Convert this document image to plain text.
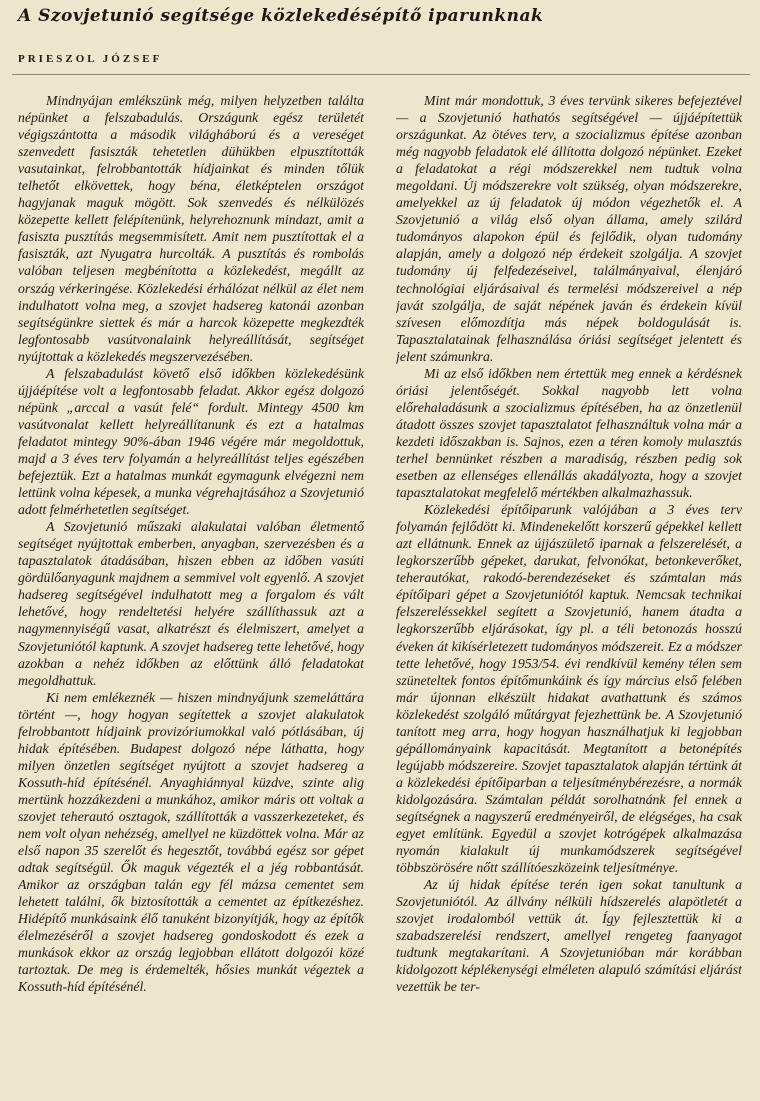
A Szovjetunió segítsége közlekedésépítő iparunknak
PRIESZOL JÓZSEF

Mindnyájan emlékszünk még, milyen helyzetben találta népünket a felszabadulás. Országunk egész területét végigszántotta a második világháború és a vereséget szenvedett fasiszták tehetetlen dühükben elpusztították vasutainkat, felrobbantották hídjainkat és minden tőlük telhetőt elkövettek, hogy béna, életképtelen országot hagyjanak maguk mögött. Sok szenvedés és nélkülözés közepette kellett felépítenünk, helyrehoznunk mindazt, amit a fasiszta pusztítás megsemmisített. Amit nem pusztítottak el a fasiszták, azt Nyugatra hurcolták. A pusztítás és rombolás valóban teljesen megbénította a közlekedést, megállt az ország vérkeringése. Közlekedési érhálózat nélkül az élet nem indulhatott volna meg, a szovjet hadsereg katonái azonban segítségünkre siettek és már a harcok közepette megkezdték legfontosabb vasútvonalaink helyreállítását, segítséget nyújtottak a közlekedés megszervezésében.

A felszabadulást követő első időkben közlekedésünk újjáépítése volt a legfontosabb feladat. Akkor egész dolgozó népünk „arccal a vasút felé“ fordult. Mintegy 4500 km vasútvonalat kellett helyreállítanunk és ezt a hatalmas feladatot mintegy 90%-ában 1946 végére már megoldottuk, majd a 3 éves terv folyamán a helyreállítást teljes egészében befejeztük. Ezt a hatalmas munkát egymagunk elvégezni nem lettünk volna képesek, a munka végrehajtásához a Szovjetunió adott felmérhetetlen segítséget.

A Szovjetunió műszaki alakulatai valóban életmentő segítséget nyújtottak emberben, anyagban, szervezésben és a tapasztalatok átadásában, hiszen ebben az időben vasúti gördülőanyagunk majdnem a semmivel volt egyenlő. A szovjet hadsereg segítségével indulhatott meg a forgalom és vált lehetővé, hogy rendeltetési helyére szállíthassuk azt a nagymennyiségű vasat, alkatrészt és élelmiszert, amelyet a Szovjetuniótól kaptunk. A szovjet hadsereg tette lehetővé, hogy azokban a nehéz időkben az előttünk álló feladatokat megoldhattuk.

Ki nem emlékeznék — hiszen mindnyájunk szemeláttára történt —, hogy hogyan segítettek a szovjet alakulatok felrobbantott hídjaink provizóriumokkal való pótlásában, új hidak építésében. Budapest dolgozó népe láthatta, hogy milyen önzetlen segítséget nyújtott a szovjet hadsereg a Kossuth-híd építésénél. Anyaghiánnyal küzdve, szinte alig mertünk hozzákezdeni a munkához, amikor máris ott voltak a szovjet teherautó osztagok, szállították a vasszerkezeteket, és nem volt olyan nehézség, amellyel ne küzdöttek volna. Már az első napon 35 szerelőt és hegesztőt, továbbá egész sor gépet adtak segítségül. Ők maguk végezték el a jég robbantását. Amikor az országban talán egy fél mázsa cementet sem lehetett találni, ők biztosították a cementet az építkezéshez. Hidépítő munkásaink élő tanuként bizonyítják, hogy az építők élelmezéséről a szovjet hadsereg gondoskodott és ezek a munkások ekkor az ország legjobban ellátott dolgozói közé tartoztak. De meg is érdemelték, hősies munkát végeztek a Kossuth-híd építésénél.

Mint már mondottuk, 3 éves tervünk sikeres befejeztével — a Szovjetunió hathatós segítségével — újjáépítettük országunkat. Az ötéves terv, a szocializmus építése azonban még nagyobb feladatok elé állította dolgozó népünket. Ezeket a feladatokat a régi módszerekkel nem tudtuk volna megoldani. Új módszerekre volt szükség, olyan módszerekre, amelyekkel az új feladatok új módon végezhetők el. A Szovjetunió a világ első olyan állama, amely szilárd tudományos alapokon épül és fejlődik, olyan tudomány alapján, amely a dolgozó nép érdekeit szolgálja. A szovjet tudomány új felfedezéseivel, találmányaival, élenjáró technológiai eljárásaival és termelési módszereivel a nép javát szolgálja, de saját népének javán és érdekein kívül szívesen előmozdítja más népek boldogulását is. Tapasztalatainak felhasználása óriási segítséget jelentett és jelent számunkra.

Mi az első időkben nem értettük meg ennek a kérdésnek óriási jelentőségét. Sokkal nagyobb lett volna előrehaladásunk a szocializmus építésében, ha az önzetlenül átadott összes szovjet tapasztalatot felhasználtuk volna már a kezdeti időszakban is. Sajnos, ezen a téren komoly mulasztás terhel bennünket részben a maradiság, részben pedig sok esetben az ellenséges ellenállás akadályozta, hogy a szovjet tapasztalatokat megfelelő mértékben alkalmazhassuk.

Közlekedési építőiparunk valójában a 3 éves terv folyamán fejlődött ki. Mindenekelőtt korszerű gépekkel kellett azt ellátnunk. Ennek az újjászülető iparnak a felszerelését, a legkorszerűbb gépeket, darukat, felvonókat, betonkeverőket, teherautókat, rakodó-berendezéseket és számtalan más építőipari gépet a Szovjetuniótól kaptuk. Nemcsak technikai felszereléssekkel segített a Szovjetunió, hanem átadta a legkorszerűbb eljárásokat, így pl. a téli betonozás hosszú éveken át kikísérletezett tudományos módszereit. Ez a módszer tette lehetővé, hogy 1953/54. évi rendkívül kemény télen sem szüneteltek fontos építőmunkáink és így március első felében már újonnan elkészült hidakat avathattunk és számos közlekedést szolgáló műtárgyat fejezhettünk be. A Szovjetunió tanított meg arra, hogy hogyan használhatjuk ki legjobban gépállományaink kapacitását. Megtanított a betonépítés legújabb módszereire. Szovjet tapasztalatok alapján tértünk át a közlekedési építőiparban a teljesítménybérezésre, a normák kidolgozására. Számtalan példát sorolhatnánk fel ennek a segítségnek a nagyszerű eredményeiről, de elégséges, ha csak egyet említünk. Egyedül a szovjet kotrógépek alkalmazása nyomán kialakult új munkamódszerek segítségével többszörösére nőtt szállítóeszközeink teljesítménye.

Az új hidak építése terén igen sokat tanultunk a Szovjetuniótól. Az állvány nélküli hídszerelés alapötletét a szovjet irodalomból vettük át. Így fejlesztettük ki a szabadszerelési rendszert, amellyel rengeteg faanyagot tudtunk megtakarítani. A Szovjetunióban már korábban kidolgozott képlékenységi elméleten alapuló számítási eljárást vezettük be ter-
